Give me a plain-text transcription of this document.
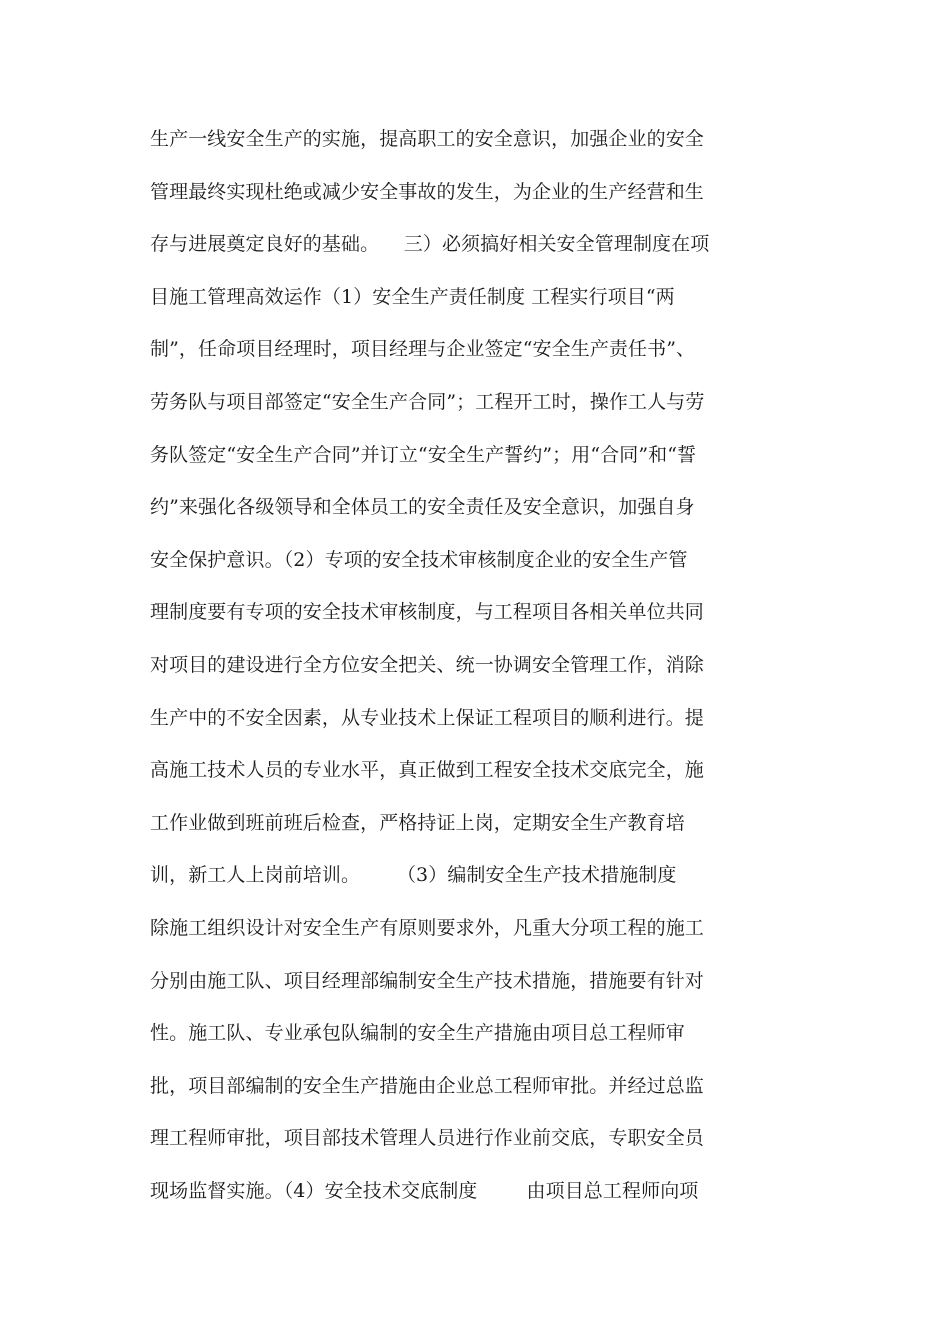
生产一线安全生产的实施，提高职工的安全意识，加强企业的安全
管理最终实现杜绝或减少安全事故的发生，为企业的生产经营和生
存与进展奠定良好的基础。    三）必须搞好相关安全管理制度在项
目施工管理高效运作（1）安全生产责任制度 工程实行项目“两
制”，任命项目经理时，项目经理与企业签定“安全生产责任书”、
劳务队与项目部签定“安全生产合同”；工程开工时，操作工人与劳
务队签定“安全生产合同”并订立“安全生产誓约”；用“合同”和“誓
约”来强化各级领导和全体员工的安全责任及安全意识，加强自身
安全保护意识。（2）专项的安全技术审核制度企业的安全生产管
理制度要有专项的安全技术审核制度，与工程项目各相关单位共同
对项目的建设进行全方位安全把关、统一协调安全管理工作，消除
生产中的不安全因素，从专业技术上保证工程项目的顺利进行。提
高施工技术人员的专业水平，真正做到工程安全技术交底完全，施
工作业做到班前班后检查，严格持证上岗，定期安全生产教育培
训，新工人上岗前培训。      （3）编制安全生产技术措施制度
除施工组织设计对安全生产有原则要求外，凡重大分项工程的施工
分别由施工队、项目经理部编制安全生产技术措施，措施要有针对
性。施工队、专业承包队编制的安全生产措施由项目总工程师审
批，项目部编制的安全生产措施由企业总工程师审批。并经过总监
理工程师审批，项目部技术管理人员进行作业前交底，专职安全员
现场监督实施。（4）安全技术交底制度        由项目总工程师向项
